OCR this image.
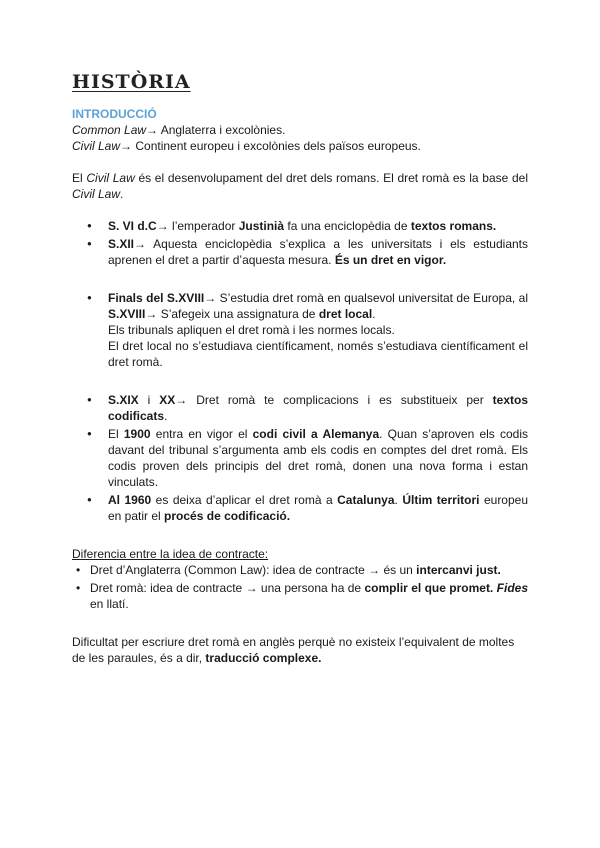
HISTÒRIA

INTRODUCCIÓ

Common Law→ Anglaterra i excolònies.

Civil Law→ Continent europeu i excolònies dels països europeus.

El Civil Law és el desenvolupament del dret dels romans. El dret romà es la base del Civil Law.

● S. VI d.C→ l’emperador Justinià fa una enciclopèdia de textos romans.
● S.XII→ Aquesta enciclopèdia s’explica a les universitats i els estudiants aprenen el dret a partir d’aquesta mesura. És un dret en vigor.
● Finals del S.XVIII→ S’estudia dret romà en qualsevol universitat de Europa, al S.XVIII→ S’afegeix una assignatura de dret local.
Els tribunals apliquen el dret romà i les normes locals.
El dret local no s’estudiava científicament, només s’estudiava científicament el dret romà.
● S.XIX i XX→ Dret romà te complicacions i es substitueix per textos codificats.
● El 1900 entra en vigor el codi civil a Alemanya. Quan s’aproven els codis davant del tribunal s’argumenta amb els codis en comptes del dret romà. Els codis proven dels principis del dret romà, donen una nova forma i estan vinculats.
● Al 1960 es deixa d’aplicar el dret romà a Catalunya. Últim territori europeu en patir el procés de codificació.

Diferencia entre la idea de contracte:

• Dret d’Anglaterra (Common Law): idea de contracte → és un intercanvi just.
• Dret romà: idea de contracte → una persona ha de complir el que promet. Fides en llatí.

Dificultat per escriure dret romà en anglès perquè no existeix l’equivalent de moltes de les paraules, és a dir, traducció complexe.
